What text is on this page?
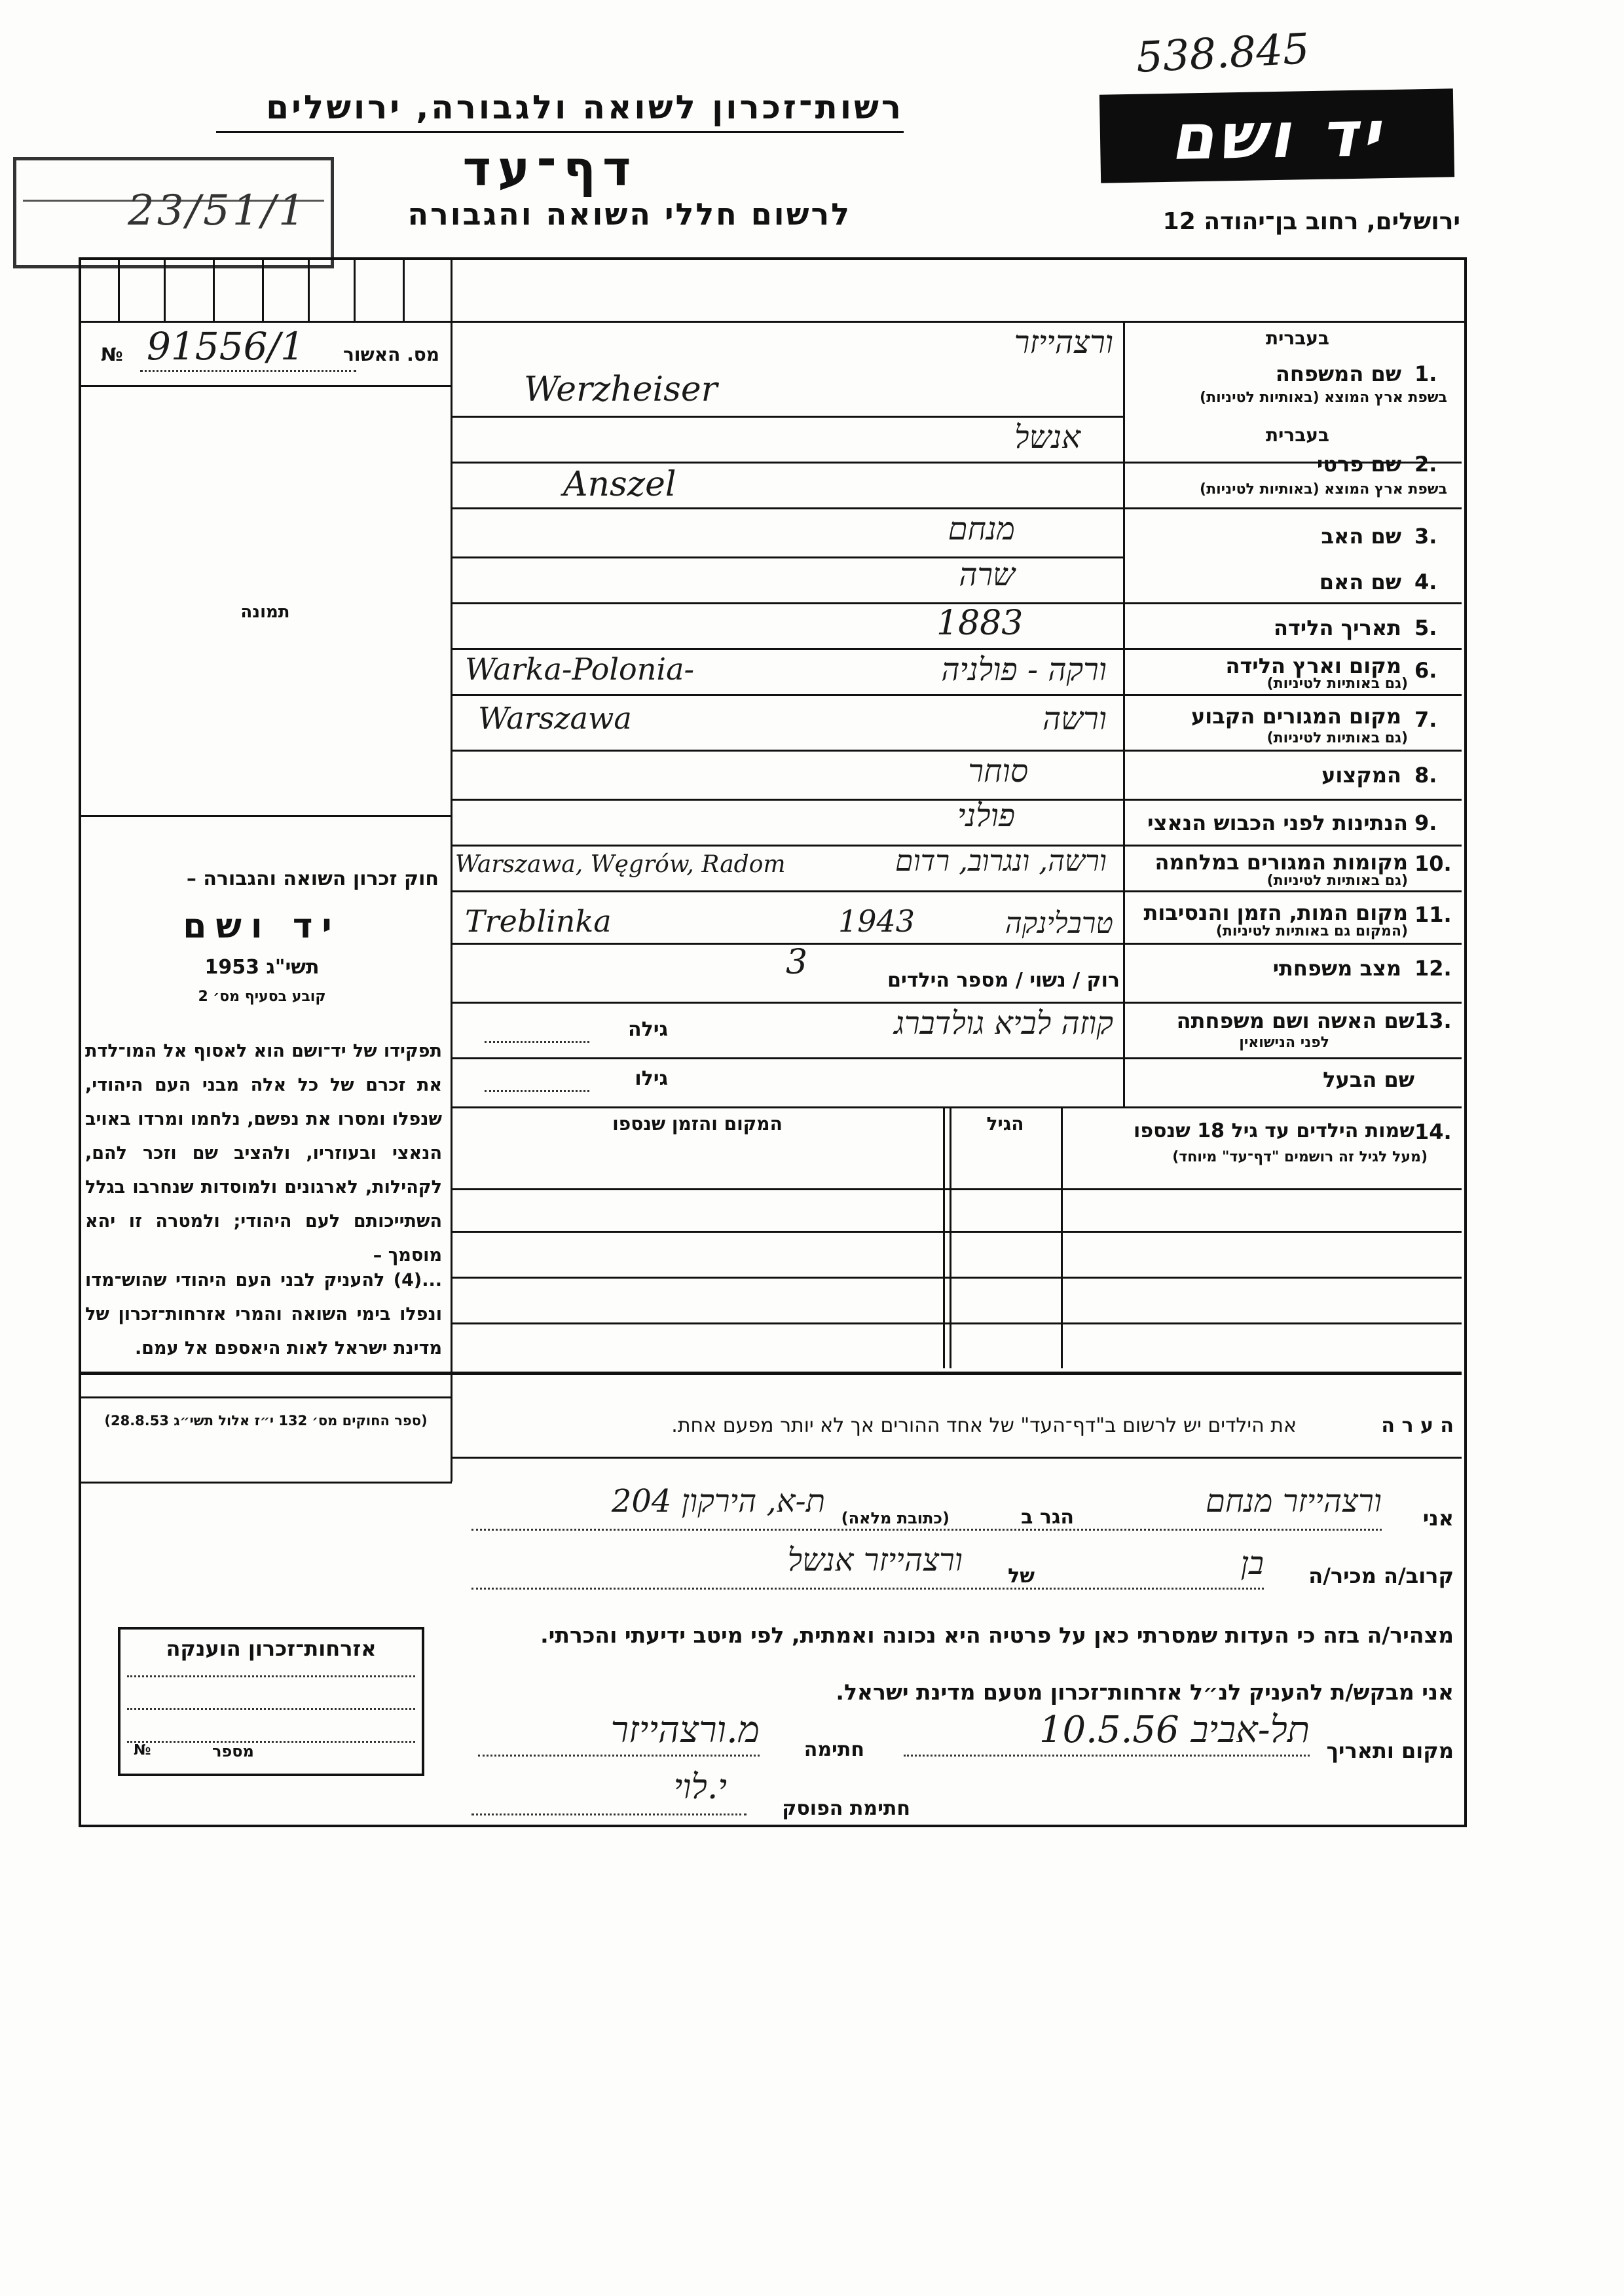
538.845
רשות־זכרון לשואה ולגבורה, ירושלים
דף־עד
לרשום חללי השואה והגבורה
יד ושם
ירושלים, רחוב בן־יהודה 12
23/51/1
№ 91556/1 מס. האשור
תמונה
חוק זכרון השואה והגבורה –
יד ושם
תשי"ג 1953
קובע בסעיף מס׳ 2
תפקידו של יד־ושם הוא לאסוף אל המו־לדת את זכרם של כל אלה מבני העם היהודי, שנפלו ומסרו את נפשם, נלחמו ומרדו באויב הנאצי ובעוזריו, ולהציב שם וזכר להם, לקהילות, לארגונים ולמוסדות שנחרבו בגלל השתייכותם לעם היהודי; ולמטרה זו יהא מוסמך –
...(4) להעניק לבני העם היהודי שהוש־מדו ונפלו בימי השואה והמרי אזרחות־זכרון של מדינת ישראל לאות היאספם אל עמם.
(ספר החוקים מס׳ 132 י״ז אלול תשי״ג 28.8.53)
אזרחות־זכרון הוענקה
№	מספר
בעברית
שם המשפחה 1.
בשפת ארץ המוצא (באותיות לטיניות)
ורצהייזר
Werzheiser
בעברית
שם פרטי 2.
בשפת ארץ המוצא (באותיות לטיניות)
אנשל
Anszel
שם האב 3.
מנחם
שם האם 4.
שרה
תאריך הלידה 5.
1883
מקום וארץ הלידה 6.
(גם באותיות לטיניות)
Warka-Polonia-	ורקה - פולניה
מקום המגורים הקבוע 7.
(גם באותיות לטיניות)
Warszawa	ורשה
המקצוע 8.
סוחר
הנתינות לפני הכבוש הנאצי 9.
פולני
מקומות המגורים במלחמה 10.
(גם באותיות לטיניות)
Warszawa, Węgrów, Radom	ורשה, ונגרוב, רדום
מקום המות, הזמן והנסיבות 11.
(המקום גם באותיות לטיניות)
Treblinka	1943	טרבלינקה
מצב משפחתי 12.
רוק / נשוי / מספר הילדים
3
שם האשה ושם משפחתה 13.
לפני הנישואין
קוזה לביא גולדברג
גילה
שם הבעל
גילו
שמות הילדים עד גיל 18 שנספו 14.
(מעל לגיל זה רושמים "דף־עד" מיוחד)
הגיל
המקום והזמן שנספו
ה ע ר ה
את הילדים יש לרשום ב"דף־העד" של אחד ההורים אך לא יותר מפעם אחת.
אני
ורצהייזר מנחם
הגר ב
(כתובת מלאה)
ת-א, הירקון 204
קרוב/ה מכיר/ה
בן
של
ורצהייזר אנשל
מצהיר/ה בזה כי העדות שמסרתי כאן על פרטיה היא נכונה ואמתית, לפי מיטב ידיעתי והכרתי.
אני מבקש/ת להעניק לנ״ל אזרחות־זכרון מטעם מדינת ישראל.
מקום ותאריך
תל-אביב 10.5.56
חתימה
מ.ורצהייזר
חתימת הפוסק
י.לוי
